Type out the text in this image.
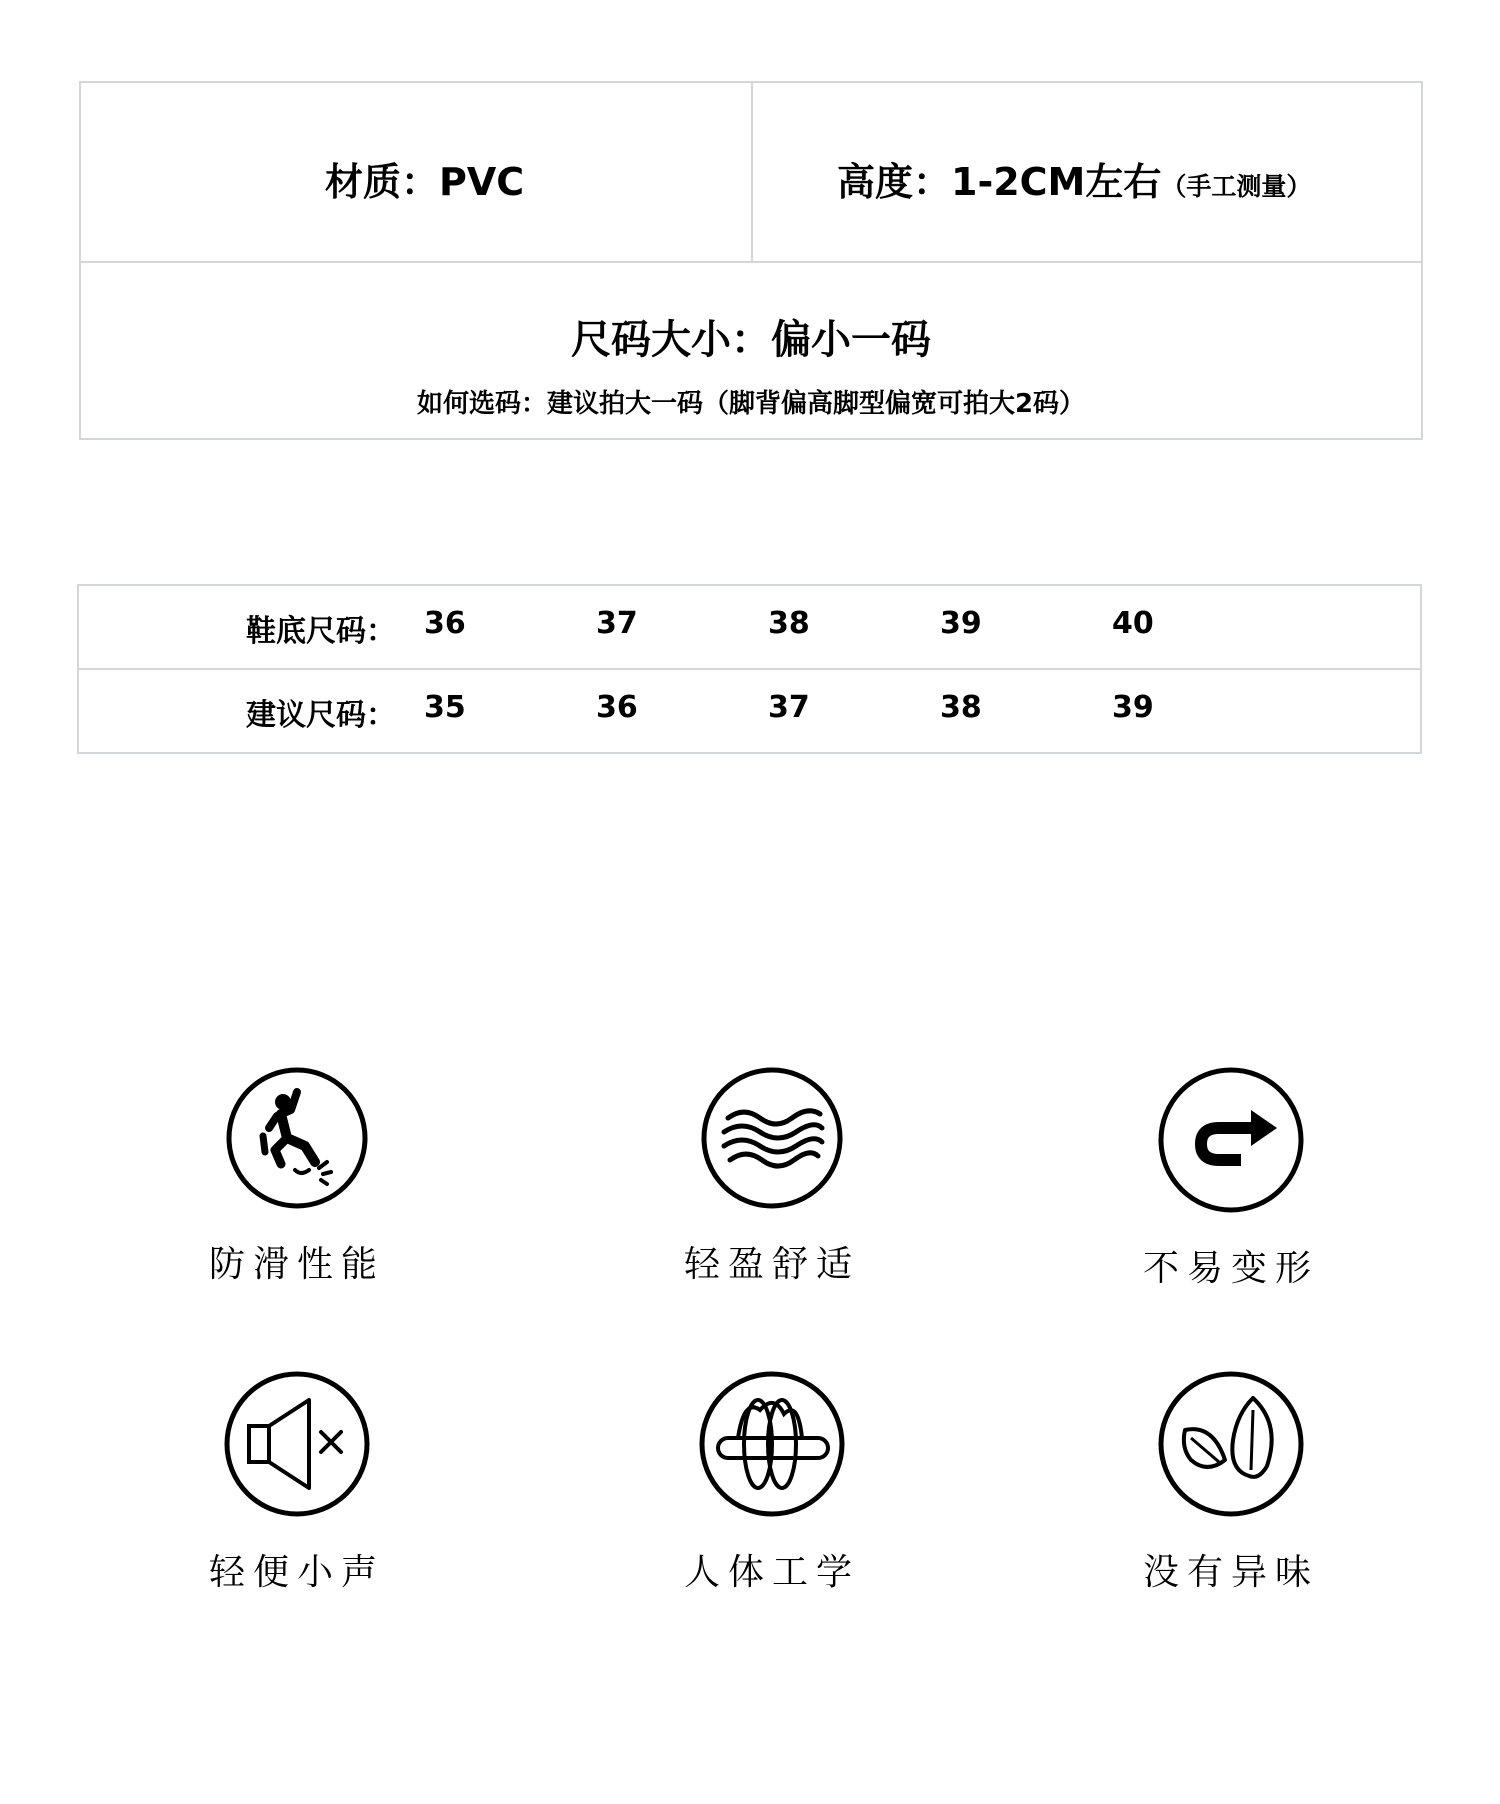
材质：PVC	高度：1-2CM左右（手工测量）
尺码大小：偏小一码
如何选码：建议拍大一码（脚背偏高脚型偏宽可拍大2码）
鞋底尺码： 36	37	38	39	40
建议尺码： 35	36	37	38	39
防滑性能	轻盈舒适	不易变形
轻便小声	人体工学	没有异味
